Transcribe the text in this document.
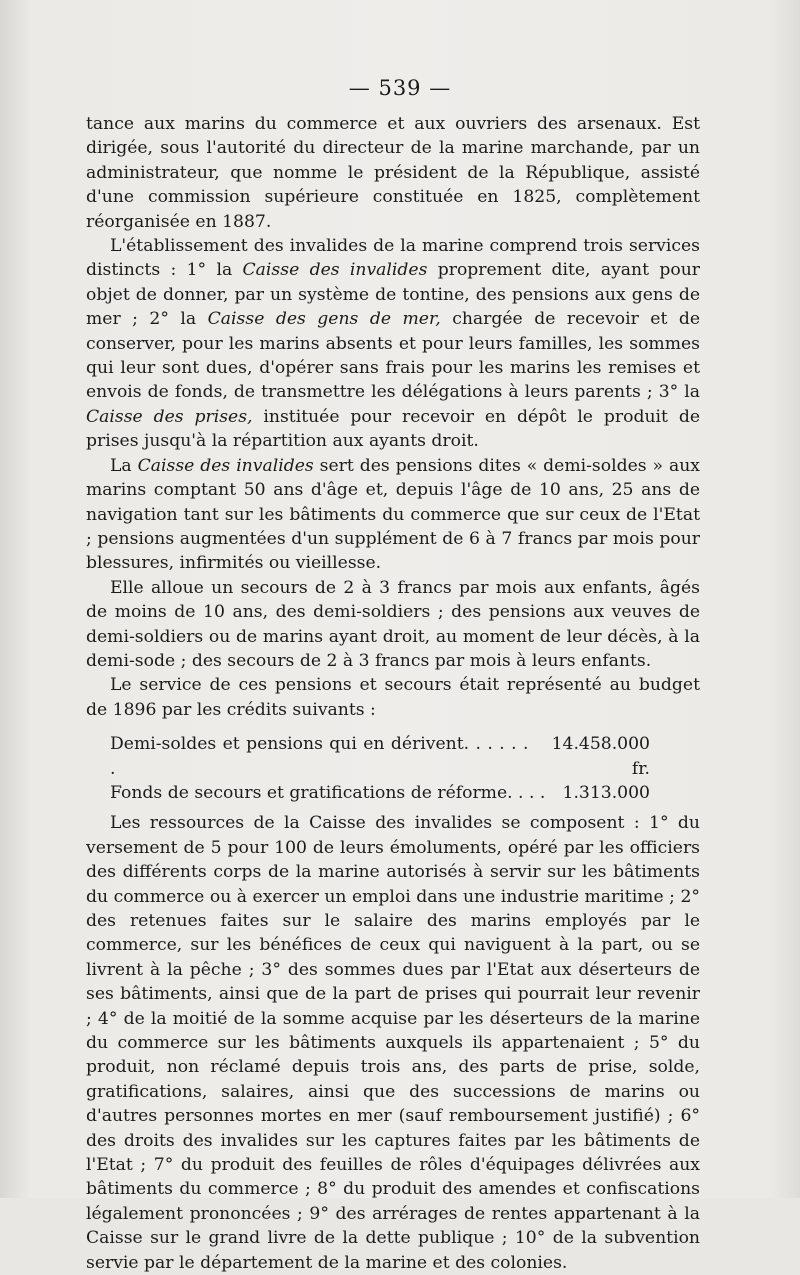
— 539 —

tance aux marins du commerce et aux ouvriers des arsenaux. Est dirigée, sous l'autorité du directeur de la marine marchande, par un administrateur, que nomme le président de la République, assisté d'une commission supérieure constituée en 1825, complètement réorganisée en 1887.

L'établissement des invalides de la marine comprend trois services distincts : 1° la Caisse des invalides proprement dite, ayant pour objet de donner, par un système de tontine, des pensions aux gens de mer ; 2° la Caisse des gens de mer, chargée de recevoir et de conserver, pour les marins absents et pour leurs familles, les sommes qui leur sont dues, d'opérer sans frais pour les marins les remises et envois de fonds, de transmettre les délégations à leurs parents ; 3° la Caisse des prises, instituée pour recevoir en dépôt le produit de prises jusqu'à la répartition aux ayants droit.

La Caisse des invalides sert des pensions dites « demi-soldes » aux marins comptant 50 ans d'âge et, depuis l'âge de 10 ans, 25 ans de navigation tant sur les bâtiments du commerce que sur ceux de l'Etat ; pensions augmentées d'un supplément de 6 à 7 francs par mois pour blessures, infirmités ou vieillesse.

Elle alloue un secours de 2 à 3 francs par mois aux enfants, âgés de moins de 10 ans, des demi-soldiers ; des pensions aux veuves de demi-soldiers ou de marins ayant droit, au moment de leur décès, à la demi-sode ; des secours de 2 à 3 francs par mois à leurs enfants.

Le service de ces pensions et secours était représenté au budget de 1896 par les crédits suivants :

Demi-soldes et pensions qui en dérivent. . . . . . .
14.458.000 fr.
Fonds de secours et gratifications de réforme. . . . 1.313.000

Les ressources de la Caisse des invalides se composent : 1° du versement de 5 pour 100 de leurs émoluments, opéré par les officiers des différents corps de la marine autorisés à servir sur les bâtiments du commerce ou à exercer un emploi dans une industrie maritime ; 2° des retenues faites sur le salaire des marins employés par le commerce, sur les bénéfices de ceux qui naviguent à la part, ou se livrent à la pêche ; 3° des sommes dues par l'Etat aux déserteurs de ses bâtiments, ainsi que de la part de prises qui pourrait leur revenir ; 4° de la moitié de la somme acquise par les déserteurs de la marine du commerce sur les bâtiments auxquels ils appartenaient ; 5° du produit, non réclamé depuis trois ans, des parts de prise, solde, gratifications, salaires, ainsi que des successions de marins ou d'autres personnes mortes en mer (sauf remboursement justifié) ; 6° des droits des invalides sur les captures faites par les bâtiments de l'Etat ; 7° du produit des feuilles de rôles d'équipages délivrées aux bâtiments du commerce ; 8° du produit des amendes et confiscations légalement prononcées ; 9° des arrérages de rentes appartenant à la Caisse sur le grand livre de la dette publique ; 10° de la subvention servie par le département de la marine et des colonies.
